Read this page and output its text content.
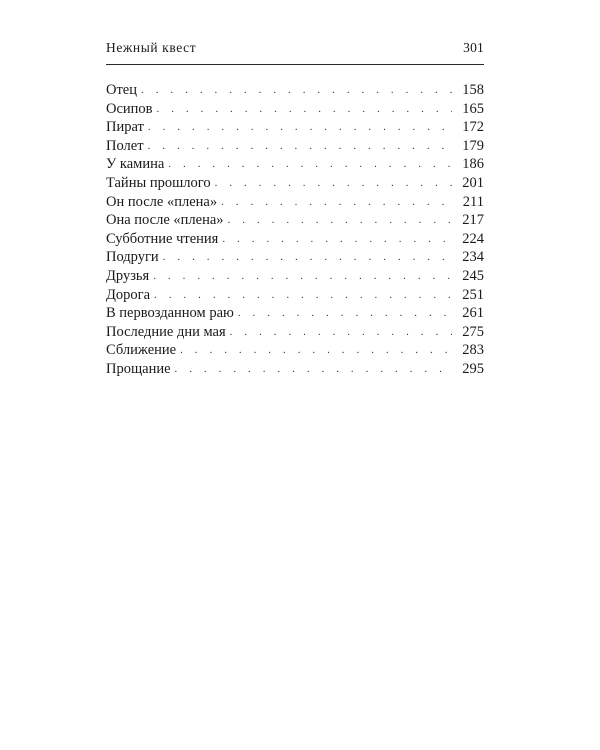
Нежный квест	301
Отец . . .	158
Осипов . . .	165
Пират . . .	172
Полет . . .	179
У камина . . .	186
Тайны прошлого . . .	201
Он после «плена» . . .	211
Она после «плена» . . .	217
Субботние чтения . . .	224
Подруги . . .	234
Друзья . . .	245
Дорога . . .	251
В первозданном раю . . .	261
Последние дни мая . . .	275
Сближение . . .	283
Прощание . . .	295
